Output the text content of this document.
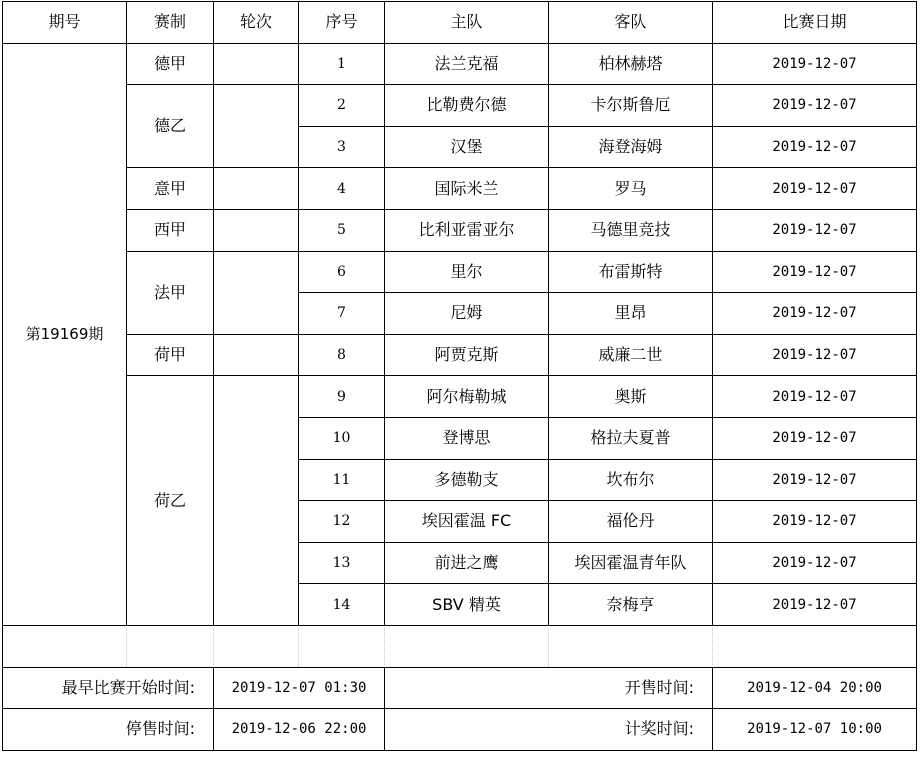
期号	赛制	轮次	序号	主队	客队	比赛日期
第19169期	德甲		1	法兰克福	柏林赫塔	2019-12-07
	德乙		2	比勒费尔德	卡尔斯鲁厄	2019-12-07
			3	汉堡	海登海姆	2019-12-07
	意甲		4	国际米兰	罗马	2019-12-07
	西甲		5	比利亚雷亚尔	马德里竞技	2019-12-07
	法甲		6	里尔	布雷斯特	2019-12-07
			7	尼姆	里昂	2019-12-07
	荷甲		8	阿贾克斯	威廉二世	2019-12-07
	荷乙		9	阿尔梅勒城	奥斯	2019-12-07
			10	登博思	格拉夫夏普	2019-12-07
			11	多德勒支	坎布尔	2019-12-07
			12	埃因霍温 FC	福伦丹	2019-12-07
			13	前进之鹰	埃因霍温青年队	2019-12-07
			14	SBV 精英	奈梅亨	2019-12-07

最早比赛开始时间:		2019-12-07 01:30			开售时间:	2019-12-04 20:00
停售时间:		2019-12-06 22:00			计奖时间:	2019-12-07 10:00
